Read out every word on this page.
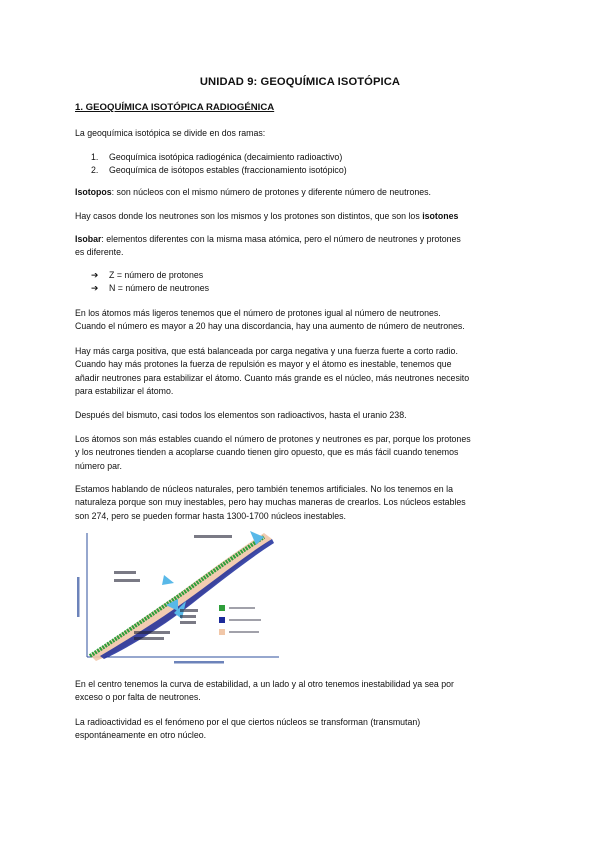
UNIDAD 9: GEOQUÍMICA ISOTÓPICA
1. GEOQUÍMICA ISOTÓPICA RADIOGÉNICA
La geoquímica isotópica se divide en dos ramas:
1. Geoquímica isotópica radiogénica (decaimiento radioactivo)
2. Geoquímica de isótopos estables (fraccionamiento isotópico)
Isotopos: son núcleos con el mismo número de protones y diferente número de neutrones.
Hay casos donde los neutrones son los mismos y los protones son distintos, que son los isotones
Isobar: elementos diferentes con la misma masa atómica, pero el número de neutrones y protones
es diferente.
➔ Z = número de protones
➔ N = número de neutrones
En los átomos más ligeros tenemos que el número de protones igual al número de neutrones.
Cuando el número es mayor a 20 hay una discordancia, hay una aumento de número de neutrones.
Hay más carga positiva, que está balanceada por carga negativa y una fuerza fuerte a corto radio.
Cuando hay más protones la fuerza de repulsión es mayor y el átomo es inestable, tenemos que
añadir neutrones para estabilizar el átomo. Cuanto más grande es el núcleo, más neutrones necesito
para estabilizar el átomo.
Después del bismuto, casi todos los elementos son radioactivos, hasta el uranio 238.
Los átomos son más estables cuando el número de protones y neutrones es par, porque los protones
y los neutrones tienden a acoplarse cuando tienen giro opuesto, que es más fácil cuando tenemos
número par.
Estamos hablando de núcleos naturales, pero también tenemos artificiales. No los tenemos en la
naturaleza porque son muy inestables, pero hay muchas maneras de crearlos. Los núcleos estables
son 274, pero se pueden formar hasta 1300-1700 núcleos inestables.
En el centro tenemos la curva de estabilidad, a un lado y al otro tenemos inestabilidad ya sea por
exceso o por falta de neutrones.
La radioactividad es el fenómeno por el que ciertos núcleos se transforman (transmutan)
espontáneamente en otro núcleo.
